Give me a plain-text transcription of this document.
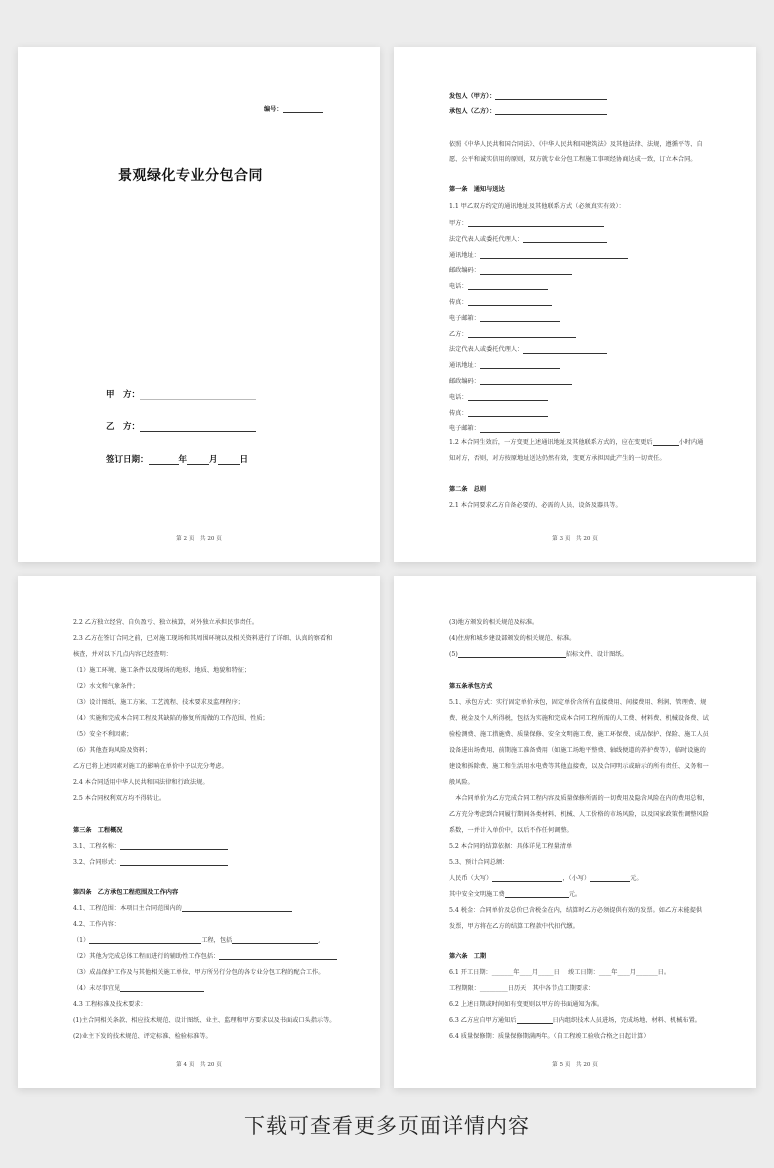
编号：
景观绿化专业分包合同
甲　方：
乙　方：
签订日期：	年	月	日
第 2 页　共 20 页
发包人（甲方）：
承包人（乙方）：
依照《中华人民共和国合同法》、《中华人民共和国建筑法》及其他法律、法规，遵循平等、自
愿、公平和诚实信用的原则，双方就专业分包工程施工事项经协商达成一致，订立本合同。
第一条　通知与送达
1.1 甲乙双方约定的通讯地址及其他联系方式（必须真实有效）：
甲方：
法定代表人或委托代理人：
通讯地址：
邮政编码：
电话：
传真：
电子邮箱：
乙方：
法定代表人或委托代理人：
通讯地址：
邮政编码：
电话：
传真：
电子邮箱：
1.2 本合同生效后，一方变更上述通讯地址及其他联系方式的，应在变更后	小时内通
知对方，否则，对方按原地址送达仍然有效，变更方承担因此产生的一切责任。
第二条　总则
2.1 本合同要求乙方自备必要的、必需的人员、设备及器具等。
第 3 页　共 20 页
2.2 乙方独立经营、自负盈亏、独立核算，对外独立承担民事责任。
2.3 乙方在签订合同之前，已对施工现场和其周围环境以及相关资料进行了详细、认真的察看和
核查，并对以下几点内容已经查明：
（1）施工环境、施工条件以及现场的地形、地质、地貌和特征；
（2）水文和气象条件；
（3）设计图纸、施工方案、工艺流程、技术要求及监理程序；
（4）实施和完成本合同工程及其缺陷的修复所需做的工作范围、性质；
（5）安全不利因素；
（6）其他查询风险及资料；
乙方已将上述因素对施工的影响在单价中予以充分考虑。
2.4 本合同适用中华人民共和国法律和行政法规。
2.5 本合同权利双方均不得转让。
第三条　工程概况
3.1、工程名称：
3.2、合同形式：
第四条　乙方承包工程范围及工作内容
4.1、工程范围：本项目主合同范围内的
4.2、工作内容：
（1）	工程，包括	,
（2）其他为完成总体工程而进行的辅助性工作包括：
（3）成品保护工作及与其他相关施工单位、甲方所另行分包的各专业分包工程的配合工作。
（4）未尽事宜见
4.3 工程标准及技术要求：
(1)主合同相关条款、相应技术规范、设计图纸、业主、监理和甲方要求以及书面或口头指示等。
(2)业主下发的技术规范、评定标准、检验标准等。
第 4 页　共 20 页
(3)地方颁发的相关规范及标准。
(4)住房和城乡建设部颁发的相关规范、标准。
(5)	招标文件、设计图纸。
第五条承包方式
5.1、承包方式：实行固定单价承包，固定单价含所有直接费用、间接费用、利润、管理费、规
费、税金及个人所得税，包括为实施和完成本合同工程所需的人工费、材料费、机械设备费、试
验检测费、施工措施费、质量保修、安全文明施工费、施工环保费、成品保护、保险、施工人员
设备进出场费用、前期施工准备费用（如施工场地平整费、轴线便道的养护费等），临时设施的
建设和拆除费、施工和生活用水电费等其他直接费，以及合同明示或暗示的所有责任、义务和一
般风险。
　本合同单价为乙方完成合同工程内容及质量保修所需的一切费用及隐含风险在内的费用总和，
乙方充分考虑到合同履行期间各类材料、机械、人工价格的市场风险，以及国家政策性调整风险
系数，一并计入单价中，以后不作任何调整。
5.2 本合同的结算依据：具体详见工程量清单
5.3、预计合同总额：
人民币（大写）	，（小写）	元。
其中安全文明施工费	元。
5.4 税金：合同单价及总价已含税金在内，结算时乙方必须提供有效的发票。如乙方未能提供
发票，甲方将在乙方的结算工程款中代扣代缴。
第六条　工期
6.1 开工日期：_______年____月_____日　 竣工日期：____年____月_______日。
工程期限：_________日历天　其中各节点工期要求：
6.2 上述日期或时间如有变更则以甲方的书面通知为准。
6.3 乙方应自甲方通知后	日内组织技术人员进场，完成场地、材料、机械布置。
6.4 质量保修期：质量保修期满两年。（自工程竣工验收合格之日起计算）
第 5 页　共 20 页
下载可查看更多页面详情内容
